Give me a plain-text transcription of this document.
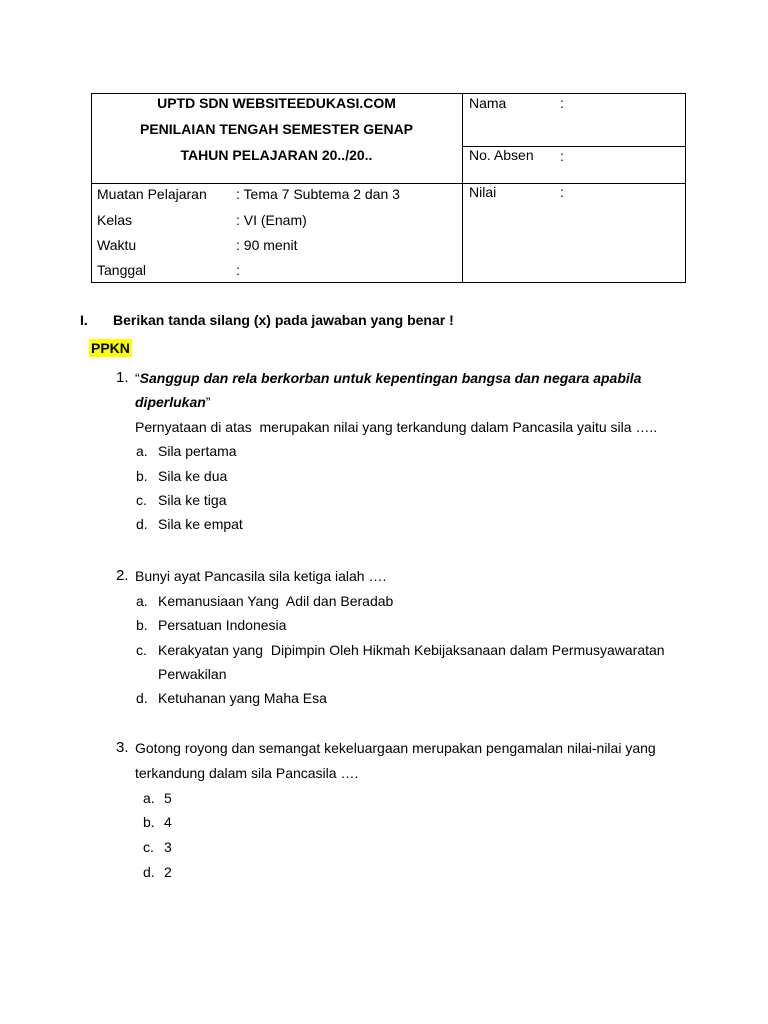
UPTD SDN WEBSITEEDUKASI.COM
PENILAIAN TENGAH SEMESTER GENAP
TAHUN PELAJARAN 20../20..
Nama	:
No. Absen :
Nilai	:
Muatan Pelajaran : Tema 7 Subtema 2 dan 3
Kelas	: VI (Enam)
Waktu	: 90 menit
Tanggal	:
I. Berikan tanda silang (x) pada jawaban yang benar !
PPKN
1. “Sanggup dan rela berkorban untuk kepentingan bangsa dan negara apabila
diperlukan”
Pernyataan di atas  merupakan nilai yang terkandung dalam Pancasila yaitu sila …..
a. Sila pertama
b. Sila ke dua
c. Sila ke tiga
d. Sila ke empat
2. Bunyi ayat Pancasila sila ketiga ialah ….
a. Kemanusiaan Yang  Adil dan Beradab
b. Persatuan Indonesia
c. Kerakyatan yang  Dipimpin Oleh Hikmah Kebijaksanaan dalam Permusyawaratan
Perwakilan
d. Ketuhanan yang Maha Esa
3. Gotong royong dan semangat kekeluargaan merupakan pengamalan nilai-nilai yang
terkandung dalam sila Pancasila ….
a. 5
b. 4
c. 3
d. 2
